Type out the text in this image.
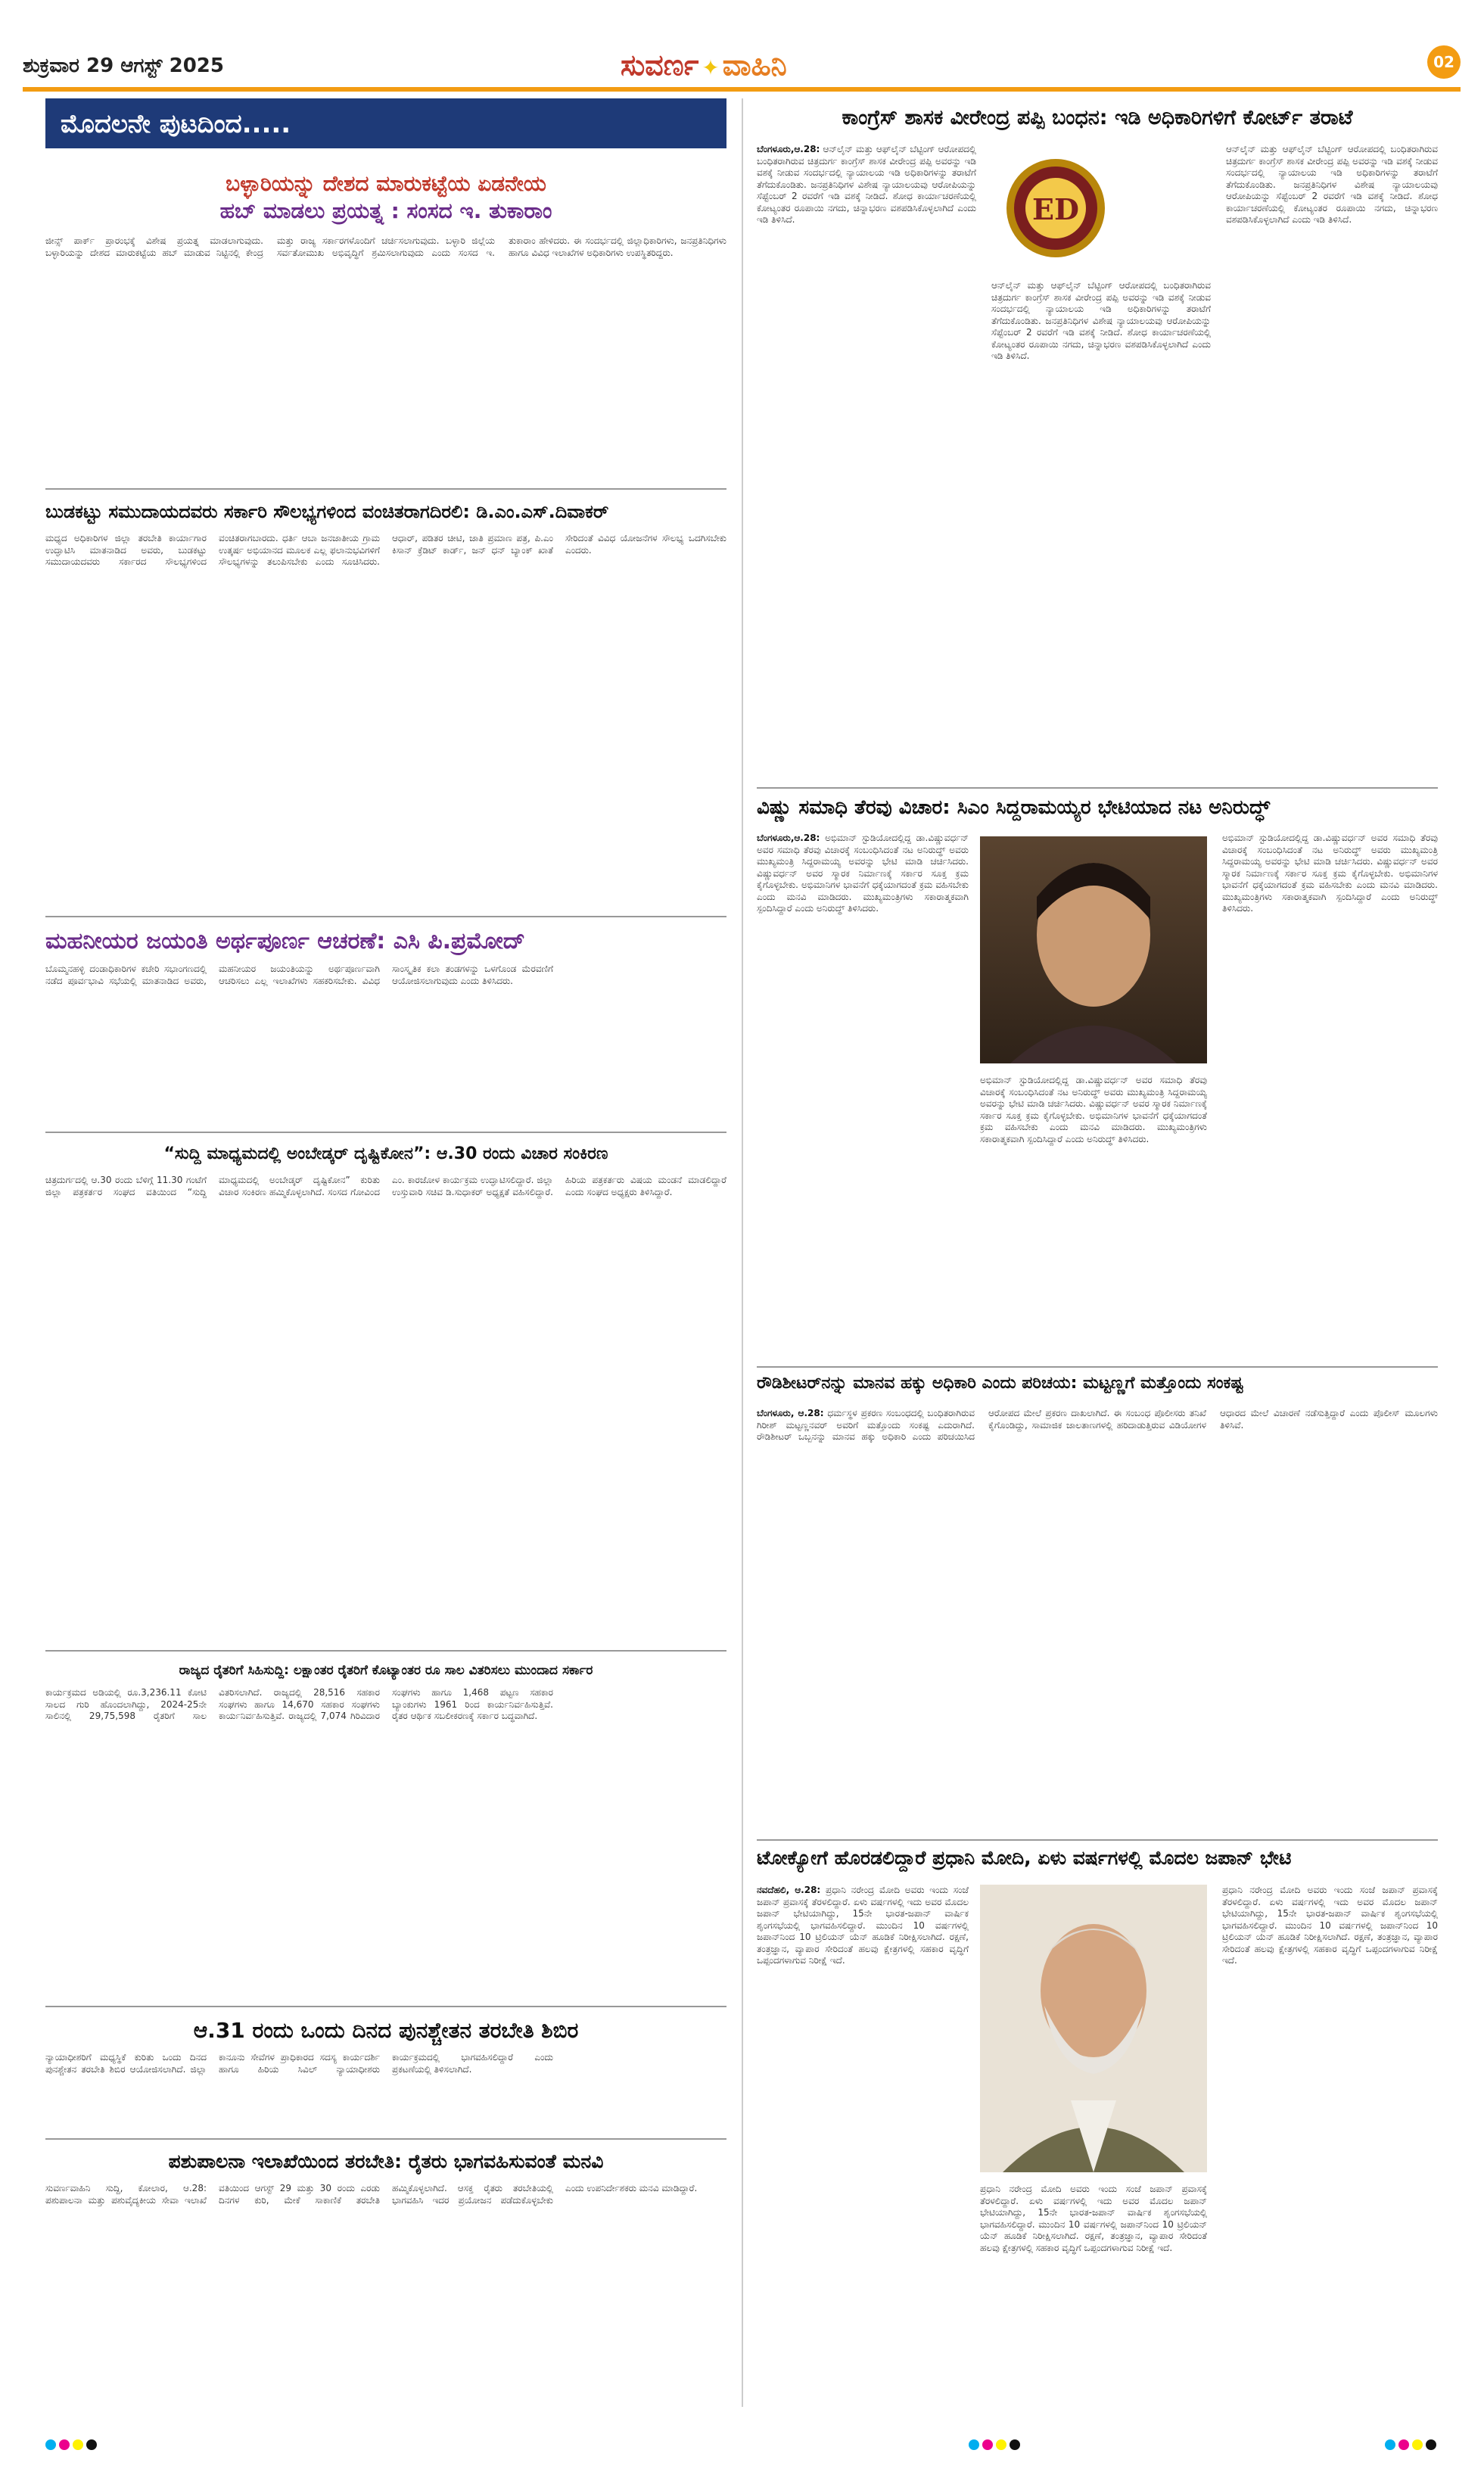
ಶುಕ್ರವಾರ 29 ಆಗಸ್ಟ್ 2025	ಸುವರ್ಣ ✦ ವಾಹಿನಿ	02
ಮೊದಲನೇ ಪುಟದಿಂದ.....
ಬಳ್ಳಾರಿಯನ್ನು ದೇಶದ ಮಾರುಕಟ್ಟೆಯ ಏಡನೇಯ
ಹಬ್ ಮಾಡಲು ಪ್ರಯತ್ನ : ಸಂಸದ ಇ. ತುಕಾರಾಂ

ಜೀನ್ಸ್ ಪಾರ್ಕ್ ಪ್ರಾರಂಭಕ್ಕೆ ವಿಶೇಷ ಪ್ರಯತ್ನ ಮಾಡಲಾಗುವುದು. ಬಳ್ಳಾರಿಯನ್ನು ದೇಶದ ಮಾರುಕಟ್ಟೆಯ ಹಬ್ ಮಾಡುವ ನಿಟ್ಟಿನಲ್ಲಿ ಕೇಂದ್ರ ಮತ್ತು ರಾಜ್ಯ ಸರ್ಕಾರಗಳೊಂದಿಗೆ ಚರ್ಚಿಸಲಾಗುವುದು. ಬಳ್ಳಾರಿ ಜಿಲ್ಲೆಯ ಸರ್ವತೋಮುಖ ಅಭಿವೃದ್ಧಿಗೆ ಶ್ರಮಿಸಲಾಗುವುದು ಎಂದು ಸಂಸದ ಇ. ತುಕಾರಾಂ ಹೇಳಿದರು. ಈ ಸಂದರ್ಭದಲ್ಲಿ ಜಿಲ್ಲಾಧಿಕಾರಿಗಳು, ಜನಪ್ರತಿನಿಧಿಗಳು ಹಾಗೂ ವಿವಿಧ ಇಲಾಖೆಗಳ ಅಧಿಕಾರಿಗಳು ಉಪಸ್ಥಿತರಿದ್ದರು.

ಬುಡಕಟ್ಟು ಸಮುದಾಯದವರು ಸರ್ಕಾರಿ ಸೌಲಭ್ಯಗಳಿಂದ ವಂಚಿತರಾಗದಿರಲಿ: ಡಿ.ಎಂ.ಎಸ್.ದಿವಾಕರ್

ಮಧ್ಯದ ಅಧಿಕಾರಿಗಳ ಜಿಲ್ಲಾ ತರಬೇತಿ ಕಾರ್ಯಾಗಾರ ಉದ್ಘಾಟಿಸಿ ಮಾತನಾಡಿದ ಅವರು, ಬುಡಕಟ್ಟು ಸಮುದಾಯದವರು ಸರ್ಕಾರದ ಸೌಲಭ್ಯಗಳಿಂದ ವಂಚಿತರಾಗಬಾರದು. ಧರ್ತಿ ಆಬಾ ಜನಜಾತೀಯ ಗ್ರಾಮ ಉತ್ಕರ್ಷ ಅಭಿಯಾನದ ಮೂಲಕ ಎಲ್ಲ ಫಲಾನುಭವಿಗಳಿಗೆ ಸೌಲಭ್ಯಗಳನ್ನು ತಲುಪಿಸಬೇಕು ಎಂದು ಸೂಚಿಸಿದರು. ಆಧಾರ್, ಪಡಿತರ ಚೀಟಿ, ಜಾತಿ ಪ್ರಮಾಣ ಪತ್ರ, ಪಿ.ಎಂ ಕಿಸಾನ್ ಕ್ರೆಡಿಟ್ ಕಾರ್ಡ್, ಜನ್ ಧನ್ ಬ್ಯಾಂಕ್ ಖಾತೆ ಸೇರಿದಂತೆ ವಿವಿಧ ಯೋಜನೆಗಳ ಸೌಲಭ್ಯ ಒದಗಿಸಬೇಕು ಎಂದರು.

ಮಹನೀಯರ ಜಯಂತಿ ಅರ್ಥಪೂರ್ಣ ಆಚರಣೆ: ಎಸಿ ಪಿ.ಪ್ರಮೋದ್

ಬೊಮ್ಮನಹಳ್ಳಿ ದಂಡಾಧಿಕಾರಿಗಳ ಕಚೇರಿ ಸಭಾಂಗಣದಲ್ಲಿ ನಡೆದ ಪೂರ್ವಭಾವಿ ಸಭೆಯಲ್ಲಿ ಮಾತನಾಡಿದ ಅವರು, ಮಹನೀಯರ ಜಯಂತಿಯನ್ನು ಅರ್ಥಪೂರ್ಣವಾಗಿ ಆಚರಿಸಲು ಎಲ್ಲ ಇಲಾಖೆಗಳು ಸಹಕರಿಸಬೇಕು. ವಿವಿಧ ಸಾಂಸ್ಕೃತಿಕ ಕಲಾ ತಂಡಗಳನ್ನು ಒಳಗೊಂಡ ಮೆರವಣಿಗೆ ಆಯೋಜಿಸಲಾಗುವುದು ಎಂದು ತಿಳಿಸಿದರು.

“ಸುದ್ದಿ ಮಾಧ್ಯಮದಲ್ಲಿ ಅಂಬೇಡ್ಕರ್ ದೃಷ್ಟಿಕೋನ”: ಆ.30 ರಂದು ವಿಚಾರ ಸಂಕಿರಣ

ಚಿತ್ರದುರ್ಗದಲ್ಲಿ ಆ.30 ರಂದು ಬೆಳಿಗ್ಗೆ 11.30 ಗಂಟೆಗೆ ಜಿಲ್ಲಾ ಪತ್ರಕರ್ತರ ಸಂಘದ ವತಿಯಿಂದ “ಸುದ್ದಿ ಮಾಧ್ಯಮದಲ್ಲಿ ಅಂಬೇಡ್ಕರ್ ದೃಷ್ಟಿಕೋನ” ಕುರಿತು ವಿಚಾರ ಸಂಕಿರಣ ಹಮ್ಮಿಕೊಳ್ಳಲಾಗಿದೆ. ಸಂಸದ ಗೋವಿಂದ ಎಂ. ಕಾರಜೋಳ ಕಾರ್ಯಕ್ರಮ ಉದ್ಘಾಟಿಸಲಿದ್ದಾರೆ. ಜಿಲ್ಲಾ ಉಸ್ತುವಾರಿ ಸಚಿವ ಡಿ.ಸುಧಾಕರ್ ಅಧ್ಯಕ್ಷತೆ ವಹಿಸಲಿದ್ದಾರೆ. ಹಿರಿಯ ಪತ್ರಕರ್ತರು ವಿಷಯ ಮಂಡನೆ ಮಾಡಲಿದ್ದಾರೆ ಎಂದು ಸಂಘದ ಅಧ್ಯಕ್ಷರು ತಿಳಿಸಿದ್ದಾರೆ.

ರಾಜ್ಯದ ರೈತರಿಗೆ ಸಿಹಿಸುದ್ದಿ: ಲಕ್ಷಾಂತರ ರೈತರಿಗೆ ಕೊಟ್ಯಾಂತರ ರೂ ಸಾಲ ವಿತರಿಸಲು ಮುಂದಾದ ಸರ್ಕಾರ

ಕಾರ್ಯಕ್ರಮದ ಅಡಿಯಲ್ಲಿ ರೂ.3,236.11 ಕೋಟಿ ಸಾಲದ ಗುರಿ ಹೊಂದಲಾಗಿದ್ದು, 2024-25ನೇ ಸಾಲಿನಲ್ಲಿ 29,75,598 ರೈತರಿಗೆ ಸಾಲ ವಿತರಿಸಲಾಗಿದೆ. ರಾಜ್ಯದಲ್ಲಿ 28,516 ಸಹಕಾರ ಸಂಘಗಳು ಹಾಗೂ 14,670 ಸಹಕಾರ ಸಂಘಗಳು ಕಾರ್ಯನಿರ್ವಹಿಸುತ್ತಿವೆ. ರಾಜ್ಯದಲ್ಲಿ 7,074 ಗಿರಿವಿದಾರ ಸಂಘಗಳು ಹಾಗೂ 1,468 ಪಟ್ಟಣ ಸಹಕಾರ ಬ್ಯಾಂಕುಗಳು 1961 ರಿಂದ ಕಾರ್ಯನಿರ್ವಹಿಸುತ್ತಿವೆ. ರೈತರ ಆರ್ಥಿಕ ಸಬಲೀಕರಣಕ್ಕೆ ಸರ್ಕಾರ ಬದ್ಧವಾಗಿದೆ.

ಆ.31 ರಂದು ಒಂದು ದಿನದ ಪುನಶ್ಚೇತನ ತರಬೇತಿ ಶಿಬಿರ

ನ್ಯಾಯಾಧೀಶರಿಗೆ ಮಧ್ಯಸ್ಥಿಕೆ ಕುರಿತು ಒಂದು ದಿನದ ಪುನಶ್ಚೇತನ ತರಬೇತಿ ಶಿಬಿರ ಆಯೋಜಿಸಲಾಗಿದೆ. ಜಿಲ್ಲಾ ಕಾನೂನು ಸೇವೆಗಳ ಪ್ರಾಧಿಕಾರದ ಸದಸ್ಯ ಕಾರ್ಯದರ್ಶಿ ಹಾಗೂ ಹಿರಿಯ ಸಿವಿಲ್ ನ್ಯಾಯಾಧೀಶರು ಕಾರ್ಯಕ್ರಮದಲ್ಲಿ ಭಾಗವಹಿಸಲಿದ್ದಾರೆ ಎಂದು ಪ್ರಕಟಣೆಯಲ್ಲಿ ತಿಳಿಸಲಾಗಿದೆ.

ಪಶುಪಾಲನಾ ಇಲಾಖೆಯಿಂದ ತರಬೇತಿ: ರೈತರು ಭಾಗವಹಿಸುವಂತೆ ಮನವಿ

ಸುವರ್ಣವಾಹಿನಿ ಸುದ್ದಿ, ಕೋಲಾರ, ಆ.28: ಪಶುಪಾಲನಾ ಮತ್ತು ಪಶುವೈದ್ಯಕೀಯ ಸೇವಾ ಇಲಾಖೆ ವತಿಯಿಂದ ಆಗಸ್ಟ್ 29 ಮತ್ತು 30 ರಂದು ಎರಡು ದಿನಗಳ ಕುರಿ, ಮೇಕೆ ಸಾಕಾಣಿಕೆ ತರಬೇತಿ ಹಮ್ಮಿಕೊಳ್ಳಲಾಗಿದೆ. ಆಸಕ್ತ ರೈತರು ತರಬೇತಿಯಲ್ಲಿ ಭಾಗವಹಿಸಿ ಇದರ ಪ್ರಯೋಜನ ಪಡೆದುಕೊಳ್ಳಬೇಕು ಎಂದು ಉಪನಿರ್ದೇಶಕರು ಮನವಿ ಮಾಡಿದ್ದಾರೆ.

ಕಾಂಗ್ರೆಸ್ ಶಾಸಕ ವೀರೇಂದ್ರ ಪಪ್ಪಿ ಬಂಧನ: ಇಡಿ ಅಧಿಕಾರಿಗಳಿಗೆ ಕೋರ್ಟ್ ತರಾಟೆ
ED

ಬೆಂಗಳೂರು,ಆ.28: ಆನ್‌ಲೈನ್ ಮತ್ತು ಆಫ್‌ಲೈನ್ ಬೆಟ್ಟಿಂಗ್ ಆರೋಪದಲ್ಲಿ ಬಂಧಿತರಾಗಿರುವ ಚಿತ್ರದುರ್ಗ ಕಾಂಗ್ರೆಸ್ ಶಾಸಕ ವೀರೇಂದ್ರ ಪಪ್ಪಿ ಅವರನ್ನು ಇಡಿ ವಶಕ್ಕೆ ನೀಡುವ ಸಂದರ್ಭದಲ್ಲಿ ನ್ಯಾಯಾಲಯ ಇಡಿ ಅಧಿಕಾರಿಗಳನ್ನು ತರಾಟೆಗೆ ತೆಗೆದುಕೊಂಡಿತು. ಜನಪ್ರತಿನಿಧಿಗಳ ವಿಶೇಷ ನ್ಯಾಯಾಲಯವು ಆರೋಪಿಯನ್ನು ಸೆಪ್ಟೆಂಬರ್ 2 ರವರೆಗೆ ಇಡಿ ವಶಕ್ಕೆ ನೀಡಿದೆ. ಶೋಧ ಕಾರ್ಯಾಚರಣೆಯಲ್ಲಿ ಕೋಟ್ಯಂತರ ರೂಪಾಯಿ ನಗದು, ಚಿನ್ನಾಭರಣ ವಶಪಡಿಸಿಕೊಳ್ಳಲಾಗಿದೆ ಎಂದು ಇಡಿ ತಿಳಿಸಿದೆ.

ಆನ್‌ಲೈನ್ ಮತ್ತು ಆಫ್‌ಲೈನ್ ಬೆಟ್ಟಿಂಗ್ ಆರೋಪದಲ್ಲಿ ಬಂಧಿತರಾಗಿರುವ ಚಿತ್ರದುರ್ಗ ಕಾಂಗ್ರೆಸ್ ಶಾಸಕ ವೀರೇಂದ್ರ ಪಪ್ಪಿ ಅವರನ್ನು ಇಡಿ ವಶಕ್ಕೆ ನೀಡುವ ಸಂದರ್ಭದಲ್ಲಿ ನ್ಯಾಯಾಲಯ ಇಡಿ ಅಧಿಕಾರಿಗಳನ್ನು ತರಾಟೆಗೆ ತೆಗೆದುಕೊಂಡಿತು. ಜನಪ್ರತಿನಿಧಿಗಳ ವಿಶೇಷ ನ್ಯಾಯಾಲಯವು ಆರೋಪಿಯನ್ನು ಸೆಪ್ಟೆಂಬರ್ 2 ರವರೆಗೆ ಇಡಿ ವಶಕ್ಕೆ ನೀಡಿದೆ. ಶೋಧ ಕಾರ್ಯಾಚರಣೆಯಲ್ಲಿ ಕೋಟ್ಯಂತರ ರೂಪಾಯಿ ನಗದು, ಚಿನ್ನಾಭರಣ ವಶಪಡಿಸಿಕೊಳ್ಳಲಾಗಿದೆ ಎಂದು ಇಡಿ ತಿಳಿಸಿದೆ.

ಆನ್‌ಲೈನ್ ಮತ್ತು ಆಫ್‌ಲೈನ್ ಬೆಟ್ಟಿಂಗ್ ಆರೋಪದಲ್ಲಿ ಬಂಧಿತರಾಗಿರುವ ಚಿತ್ರದುರ್ಗ ಕಾಂಗ್ರೆಸ್ ಶಾಸಕ ವೀರೇಂದ್ರ ಪಪ್ಪಿ ಅವರನ್ನು ಇಡಿ ವಶಕ್ಕೆ ನೀಡುವ ಸಂದರ್ಭದಲ್ಲಿ ನ್ಯಾಯಾಲಯ ಇಡಿ ಅಧಿಕಾರಿಗಳನ್ನು ತರಾಟೆಗೆ ತೆಗೆದುಕೊಂಡಿತು. ಜನಪ್ರತಿನಿಧಿಗಳ ವಿಶೇಷ ನ್ಯಾಯಾಲಯವು ಆರೋಪಿಯನ್ನು ಸೆಪ್ಟೆಂಬರ್ 2 ರವರೆಗೆ ಇಡಿ ವಶಕ್ಕೆ ನೀಡಿದೆ. ಶೋಧ ಕಾರ್ಯಾಚರಣೆಯಲ್ಲಿ ಕೋಟ್ಯಂತರ ರೂಪಾಯಿ ನಗದು, ಚಿನ್ನಾಭರಣ ವಶಪಡಿಸಿಕೊಳ್ಳಲಾಗಿದೆ ಎಂದು ಇಡಿ ತಿಳಿಸಿದೆ.

ವಿಷ್ಣು ಸಮಾಧಿ ತೆರವು ವಿಚಾರ: ಸಿಎಂ ಸಿದ್ದರಾಮಯ್ಯರ ಭೇಟಿಯಾದ ನಟ ಅನಿರುದ್ಧ್

ಬೆಂಗಳೂರು,ಆ.28: ಅಭಿಮಾನ್ ಸ್ಟುಡಿಯೋದಲ್ಲಿದ್ದ ಡಾ.ವಿಷ್ಣುವರ್ಧನ್ ಅವರ ಸಮಾಧಿ ತೆರವು ವಿಚಾರಕ್ಕೆ ಸಂಬಂಧಿಸಿದಂತೆ ನಟ ಅನಿರುದ್ಧ್ ಅವರು ಮುಖ್ಯಮಂತ್ರಿ ಸಿದ್ದರಾಮಯ್ಯ ಅವರನ್ನು ಭೇಟಿ ಮಾಡಿ ಚರ್ಚಿಸಿದರು. ವಿಷ್ಣುವರ್ಧನ್ ಅವರ ಸ್ಮಾರಕ ನಿರ್ಮಾಣಕ್ಕೆ ಸರ್ಕಾರ ಸೂಕ್ತ ಕ್ರಮ ಕೈಗೊಳ್ಳಬೇಕು. ಅಭಿಮಾನಿಗಳ ಭಾವನೆಗೆ ಧಕ್ಕೆಯಾಗದಂತೆ ಕ್ರಮ ವಹಿಸಬೇಕು ಎಂದು ಮನವಿ ಮಾಡಿದರು. ಮುಖ್ಯಮಂತ್ರಿಗಳು ಸಕಾರಾತ್ಮಕವಾಗಿ ಸ್ಪಂದಿಸಿದ್ದಾರೆ ಎಂದು ಅನಿರುದ್ಧ್ ತಿಳಿಸಿದರು.

ಅಭಿಮಾನ್ ಸ್ಟುಡಿಯೋದಲ್ಲಿದ್ದ ಡಾ.ವಿಷ್ಣುವರ್ಧನ್ ಅವರ ಸಮಾಧಿ ತೆರವು ವಿಚಾರಕ್ಕೆ ಸಂಬಂಧಿಸಿದಂತೆ ನಟ ಅನಿರುದ್ಧ್ ಅವರು ಮುಖ್ಯಮಂತ್ರಿ ಸಿದ್ದರಾಮಯ್ಯ ಅವರನ್ನು ಭೇಟಿ ಮಾಡಿ ಚರ್ಚಿಸಿದರು. ವಿಷ್ಣುವರ್ಧನ್ ಅವರ ಸ್ಮಾರಕ ನಿರ್ಮಾಣಕ್ಕೆ ಸರ್ಕಾರ ಸೂಕ್ತ ಕ್ರಮ ಕೈಗೊಳ್ಳಬೇಕು. ಅಭಿಮಾನಿಗಳ ಭಾವನೆಗೆ ಧಕ್ಕೆಯಾಗದಂತೆ ಕ್ರಮ ವಹಿಸಬೇಕು ಎಂದು ಮನವಿ ಮಾಡಿದರು. ಮುಖ್ಯಮಂತ್ರಿಗಳು ಸಕಾರಾತ್ಮಕವಾಗಿ ಸ್ಪಂದಿಸಿದ್ದಾರೆ ಎಂದು ಅನಿರುದ್ಧ್ ತಿಳಿಸಿದರು.

ಅಭಿಮಾನ್ ಸ್ಟುಡಿಯೋದಲ್ಲಿದ್ದ ಡಾ.ವಿಷ್ಣುವರ್ಧನ್ ಅವರ ಸಮಾಧಿ ತೆರವು ವಿಚಾರಕ್ಕೆ ಸಂಬಂಧಿಸಿದಂತೆ ನಟ ಅನಿರುದ್ಧ್ ಅವರು ಮುಖ್ಯಮಂತ್ರಿ ಸಿದ್ದರಾಮಯ್ಯ ಅವರನ್ನು ಭೇಟಿ ಮಾಡಿ ಚರ್ಚಿಸಿದರು. ವಿಷ್ಣುವರ್ಧನ್ ಅವರ ಸ್ಮಾರಕ ನಿರ್ಮಾಣಕ್ಕೆ ಸರ್ಕಾರ ಸೂಕ್ತ ಕ್ರಮ ಕೈಗೊಳ್ಳಬೇಕು. ಅಭಿಮಾನಿಗಳ ಭಾವನೆಗೆ ಧಕ್ಕೆಯಾಗದಂತೆ ಕ್ರಮ ವಹಿಸಬೇಕು ಎಂದು ಮನವಿ ಮಾಡಿದರು. ಮುಖ್ಯಮಂತ್ರಿಗಳು ಸಕಾರಾತ್ಮಕವಾಗಿ ಸ್ಪಂದಿಸಿದ್ದಾರೆ ಎಂದು ಅನಿರುದ್ಧ್ ತಿಳಿಸಿದರು.

ರೌಡಿಶೀಟರ್‌ನನ್ನು ಮಾನವ ಹಕ್ಕು ಅಧಿಕಾರಿ ಎಂದು ಪರಿಚಯ: ಮಟ್ಟಣ್ಣಗೆ ಮತ್ತೊಂದು ಸಂಕಷ್ಟ

ಬೆಂಗಳೂರು, ಆ.28: ಧರ್ಮಸ್ಥಳ ಪ್ರಕರಣ ಸಂಬಂಧದಲ್ಲಿ ಬಂಧಿತರಾಗಿರುವ ಗಿರೀಶ್ ಮಟ್ಟಣ್ಣನವರ್ ಅವರಿಗೆ ಮತ್ತೊಂದು ಸಂಕಷ್ಟ ಎದುರಾಗಿದೆ. ರೌಡಿಶೀಟರ್ ಒಬ್ಬನನ್ನು ಮಾನವ ಹಕ್ಕು ಅಧಿಕಾರಿ ಎಂದು ಪರಿಚಯಿಸಿದ ಆರೋಪದ ಮೇಲೆ ಪ್ರಕರಣ ದಾಖಲಾಗಿದೆ. ಈ ಸಂಬಂಧ ಪೊಲೀಸರು ತನಿಖೆ ಕೈಗೊಂಡಿದ್ದು, ಸಾಮಾಜಿಕ ಜಾಲತಾಣಗಳಲ್ಲಿ ಹರಿದಾಡುತ್ತಿರುವ ವಿಡಿಯೋಗಳ ಆಧಾರದ ಮೇಲೆ ವಿಚಾರಣೆ ನಡೆಸುತ್ತಿದ್ದಾರೆ ಎಂದು ಪೊಲೀಸ್ ಮೂಲಗಳು ತಿಳಿಸಿವೆ.

ಟೋಕ್ಯೋಗೆ ಹೊರಡಲಿದ್ದಾರೆ ಪ್ರಧಾನಿ ಮೋದಿ, ಏಳು ವರ್ಷಗಳಲ್ಲಿ ಮೊದಲ ಜಪಾನ್ ಭೇಟಿ

ನವದೆಹಲಿ, ಆ.28: ಪ್ರಧಾನಿ ನರೇಂದ್ರ ಮೋದಿ ಅವರು ಇಂದು ಸಂಜೆ ಜಪಾನ್ ಪ್ರವಾಸಕ್ಕೆ ತೆರಳಲಿದ್ದಾರೆ. ಏಳು ವರ್ಷಗಳಲ್ಲಿ ಇದು ಅವರ ಮೊದಲ ಜಪಾನ್ ಭೇಟಿಯಾಗಿದ್ದು, 15ನೇ ಭಾರತ-ಜಪಾನ್ ವಾರ್ಷಿಕ ಶೃಂಗಸಭೆಯಲ್ಲಿ ಭಾಗವಹಿಸಲಿದ್ದಾರೆ. ಮುಂದಿನ 10 ವರ್ಷಗಳಲ್ಲಿ ಜಪಾನ್‌ನಿಂದ 10 ಟ್ರಿಲಿಯನ್ ಯೆನ್ ಹೂಡಿಕೆ ನಿರೀಕ್ಷಿಸಲಾಗಿದೆ. ರಕ್ಷಣೆ, ತಂತ್ರಜ್ಞಾನ, ವ್ಯಾಪಾರ ಸೇರಿದಂತೆ ಹಲವು ಕ್ಷೇತ್ರಗಳಲ್ಲಿ ಸಹಕಾರ ವೃದ್ಧಿಗೆ ಒಪ್ಪಂದಗಳಾಗುವ ನಿರೀಕ್ಷೆ ಇದೆ.

ಪ್ರಧಾನಿ ನರೇಂದ್ರ ಮೋದಿ ಅವರು ಇಂದು ಸಂಜೆ ಜಪಾನ್ ಪ್ರವಾಸಕ್ಕೆ ತೆರಳಲಿದ್ದಾರೆ. ಏಳು ವರ್ಷಗಳಲ್ಲಿ ಇದು ಅವರ ಮೊದಲ ಜಪಾನ್ ಭೇಟಿಯಾಗಿದ್ದು, 15ನೇ ಭಾರತ-ಜಪಾನ್ ವಾರ್ಷಿಕ ಶೃಂಗಸಭೆಯಲ್ಲಿ ಭಾಗವಹಿಸಲಿದ್ದಾರೆ. ಮುಂದಿನ 10 ವರ್ಷಗಳಲ್ಲಿ ಜಪಾನ್‌ನಿಂದ 10 ಟ್ರಿಲಿಯನ್ ಯೆನ್ ಹೂಡಿಕೆ ನಿರೀಕ್ಷಿಸಲಾಗಿದೆ. ರಕ್ಷಣೆ, ತಂತ್ರಜ್ಞಾನ, ವ್ಯಾಪಾರ ಸೇರಿದಂತೆ ಹಲವು ಕ್ಷೇತ್ರಗಳಲ್ಲಿ ಸಹಕಾರ ವೃದ್ಧಿಗೆ ಒಪ್ಪಂದಗಳಾಗುವ ನಿರೀಕ್ಷೆ ಇದೆ.

ಪ್ರಧಾನಿ ನರೇಂದ್ರ ಮೋದಿ ಅವರು ಇಂದು ಸಂಜೆ ಜಪಾನ್ ಪ್ರವಾಸಕ್ಕೆ ತೆರಳಲಿದ್ದಾರೆ. ಏಳು ವರ್ಷಗಳಲ್ಲಿ ಇದು ಅವರ ಮೊದಲ ಜಪಾನ್ ಭೇಟಿಯಾಗಿದ್ದು, 15ನೇ ಭಾರತ-ಜಪಾನ್ ವಾರ್ಷಿಕ ಶೃಂಗಸಭೆಯಲ್ಲಿ ಭಾಗವಹಿಸಲಿದ್ದಾರೆ. ಮುಂದಿನ 10 ವರ್ಷಗಳಲ್ಲಿ ಜಪಾನ್‌ನಿಂದ 10 ಟ್ರಿಲಿಯನ್ ಯೆನ್ ಹೂಡಿಕೆ ನಿರೀಕ್ಷಿಸಲಾಗಿದೆ. ರಕ್ಷಣೆ, ತಂತ್ರಜ್ಞಾನ, ವ್ಯಾಪಾರ ಸೇರಿದಂತೆ ಹಲವು ಕ್ಷೇತ್ರಗಳಲ್ಲಿ ಸಹಕಾರ ವೃದ್ಧಿಗೆ ಒಪ್ಪಂದಗಳಾಗುವ ನಿರೀಕ್ಷೆ ಇದೆ.
